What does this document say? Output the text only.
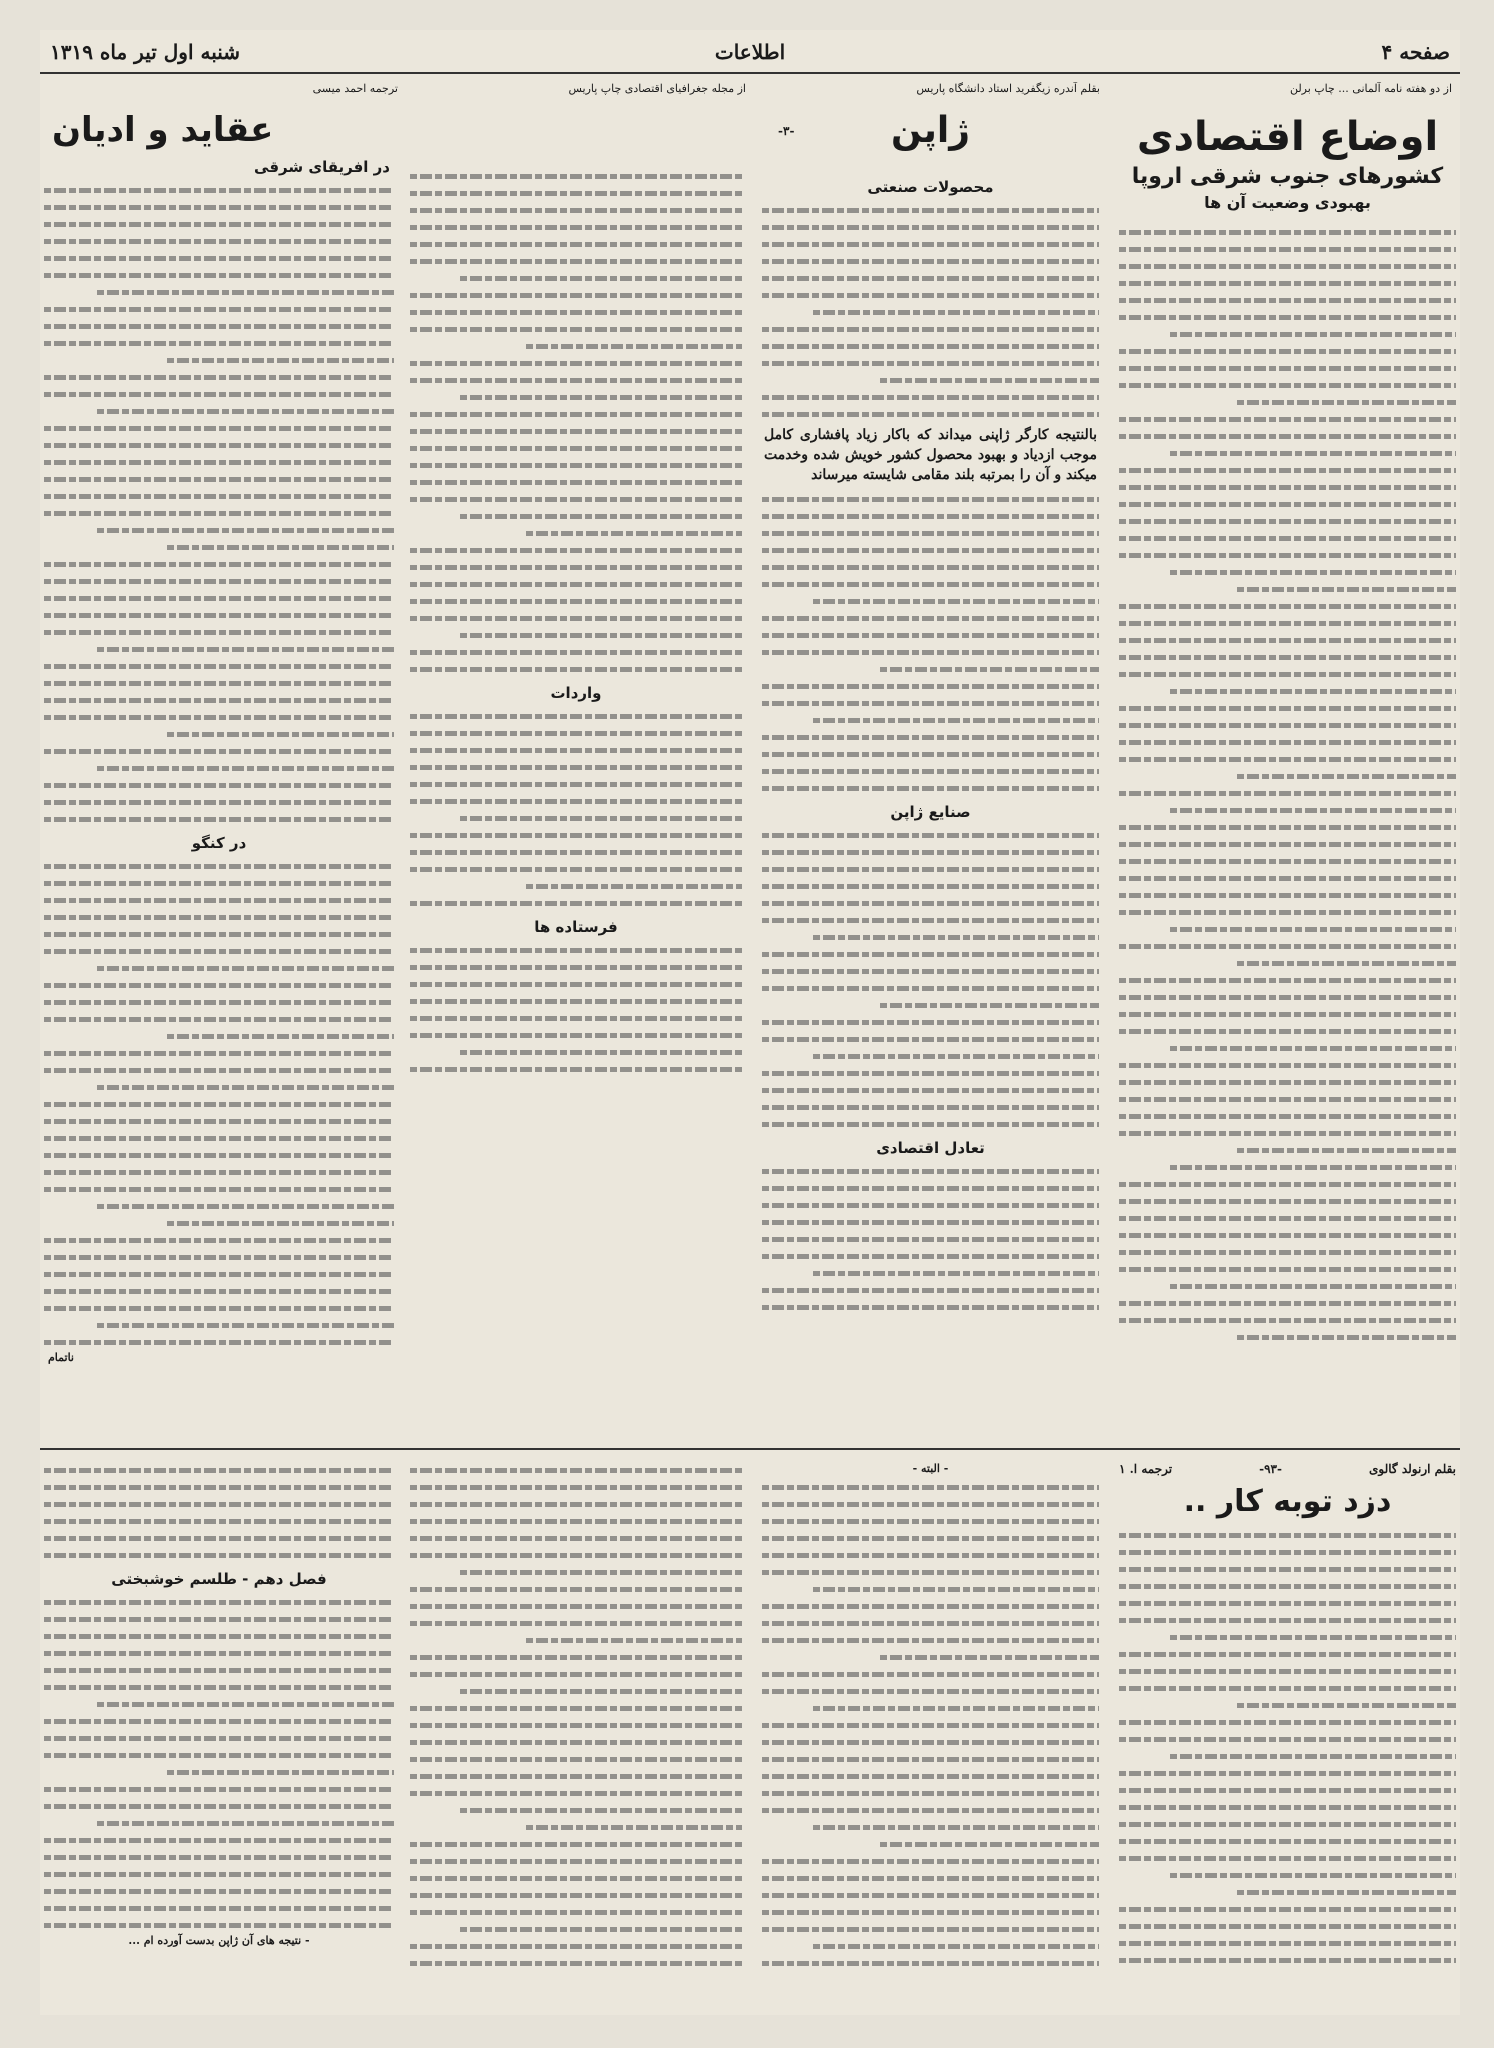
صفحه ۴
اطلاعات
شنبه اول تیر ماه ۱۳۱۹
از دو هفته نامه آلمانی ... چاپ برلن
اوضاع اقتصادی
کشورهای جنوب شرقی اروپا
بهبودی وضعیت آن ها
بقلم آندره زیگفرید استاد دانشگاه پاریس
ژاپن
-۳-
محصولات صنعتی

بالنتیجه کارگر ژاپنی میداند که باکار زیاد پافشاری کامل موجب ازدیاد و بهبود محصول کشور خویش شده وخدمت میکند و آن را بمرتبه بلند مقامی شایسته میرساند

صنایع ژاپن
تعادل اقتصادی
از مجله جغرافیای اقتصادی چاپ پاریس
واردات
فرستاده ها
ترجمه احمد میسی
عقاید و ادیان
در افریقای شرقی
در کنگو
ناتمام
بقلم ارنولد گالوی
-۹۳-
ترجمه ا. ۱
دزد توبه کار ..
- البته -
فصل دهم - طلسم خوشبختی
- نتیجه های آن ژاپن بدست آورده ام ...
